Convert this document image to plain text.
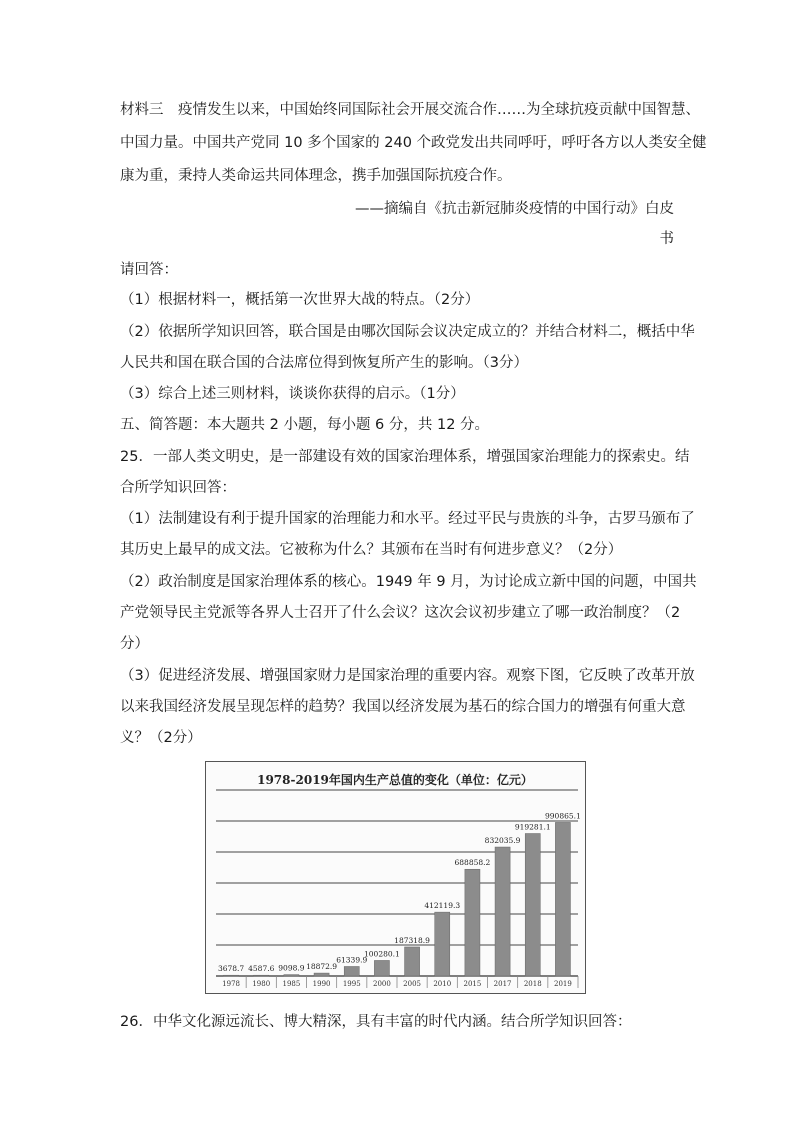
材料三　疫情发生以来，中国始终同国际社会开展交流合作……为全球抗疫贡献中国智慧、
中国力量。中国共产党同 10 多个国家的 240 个政党发出共同呼吁，呼吁各方以人类安全健
康为重，秉持人类命运共同体理念，携手加强国际抗疫合作。
——摘编自《抗击新冠肺炎疫情的中国行动》白皮
书
请回答：
（1）根据材料一，概括第一次世界大战的特点。（2分）
（2）依据所学知识回答，联合国是由哪次国际会议决定成立的？并结合材料二，概括中华
人民共和国在联合国的合法席位得到恢复所产生的影响。（3分）
（3）综合上述三则材料，谈谈你获得的启示。（1分）
五、简答题：本大题共 2 小题，每小题 6 分，共 12 分。
25．一部人类文明史，是一部建设有效的国家治理体系，增强国家治理能力的探索史。结
合所学知识回答：
（1）法制建设有利于提升国家的治理能力和水平。经过平民与贵族的斗争，古罗马颁布了
其历史上最早的成文法。它被称为什么？其颁布在当时有何进步意义？（2分）
（2）政治制度是国家治理体系的核心。1949 年 9 月，为讨论成立新中国的问题，中国共
产党领导民主党派等各界人士召开了什么会议？这次会议初步建立了哪一政治制度？（2
分）
（3）促进经济发展、增强国家财力是国家治理的重要内容。观察下图，它反映了改革开放
以来我国经济发展呈现怎样的趋势？我国以经济发展为基石的综合国力的增强有何重大意
义？（2分）
1978-2019年国内生产总值的变化（单位：亿元）
3678.7
1978
4587.6
1980
9098.9
1985
18872.9
1990
61339.9
1995
100280.1
2000
187318.9
2005
412119.3
2010
688858.2
2015
832035.9
2017
919281.1
2018
990865.1
2019
26．中华文化源远流长、博大精深，具有丰富的时代内涵。结合所学知识回答：
